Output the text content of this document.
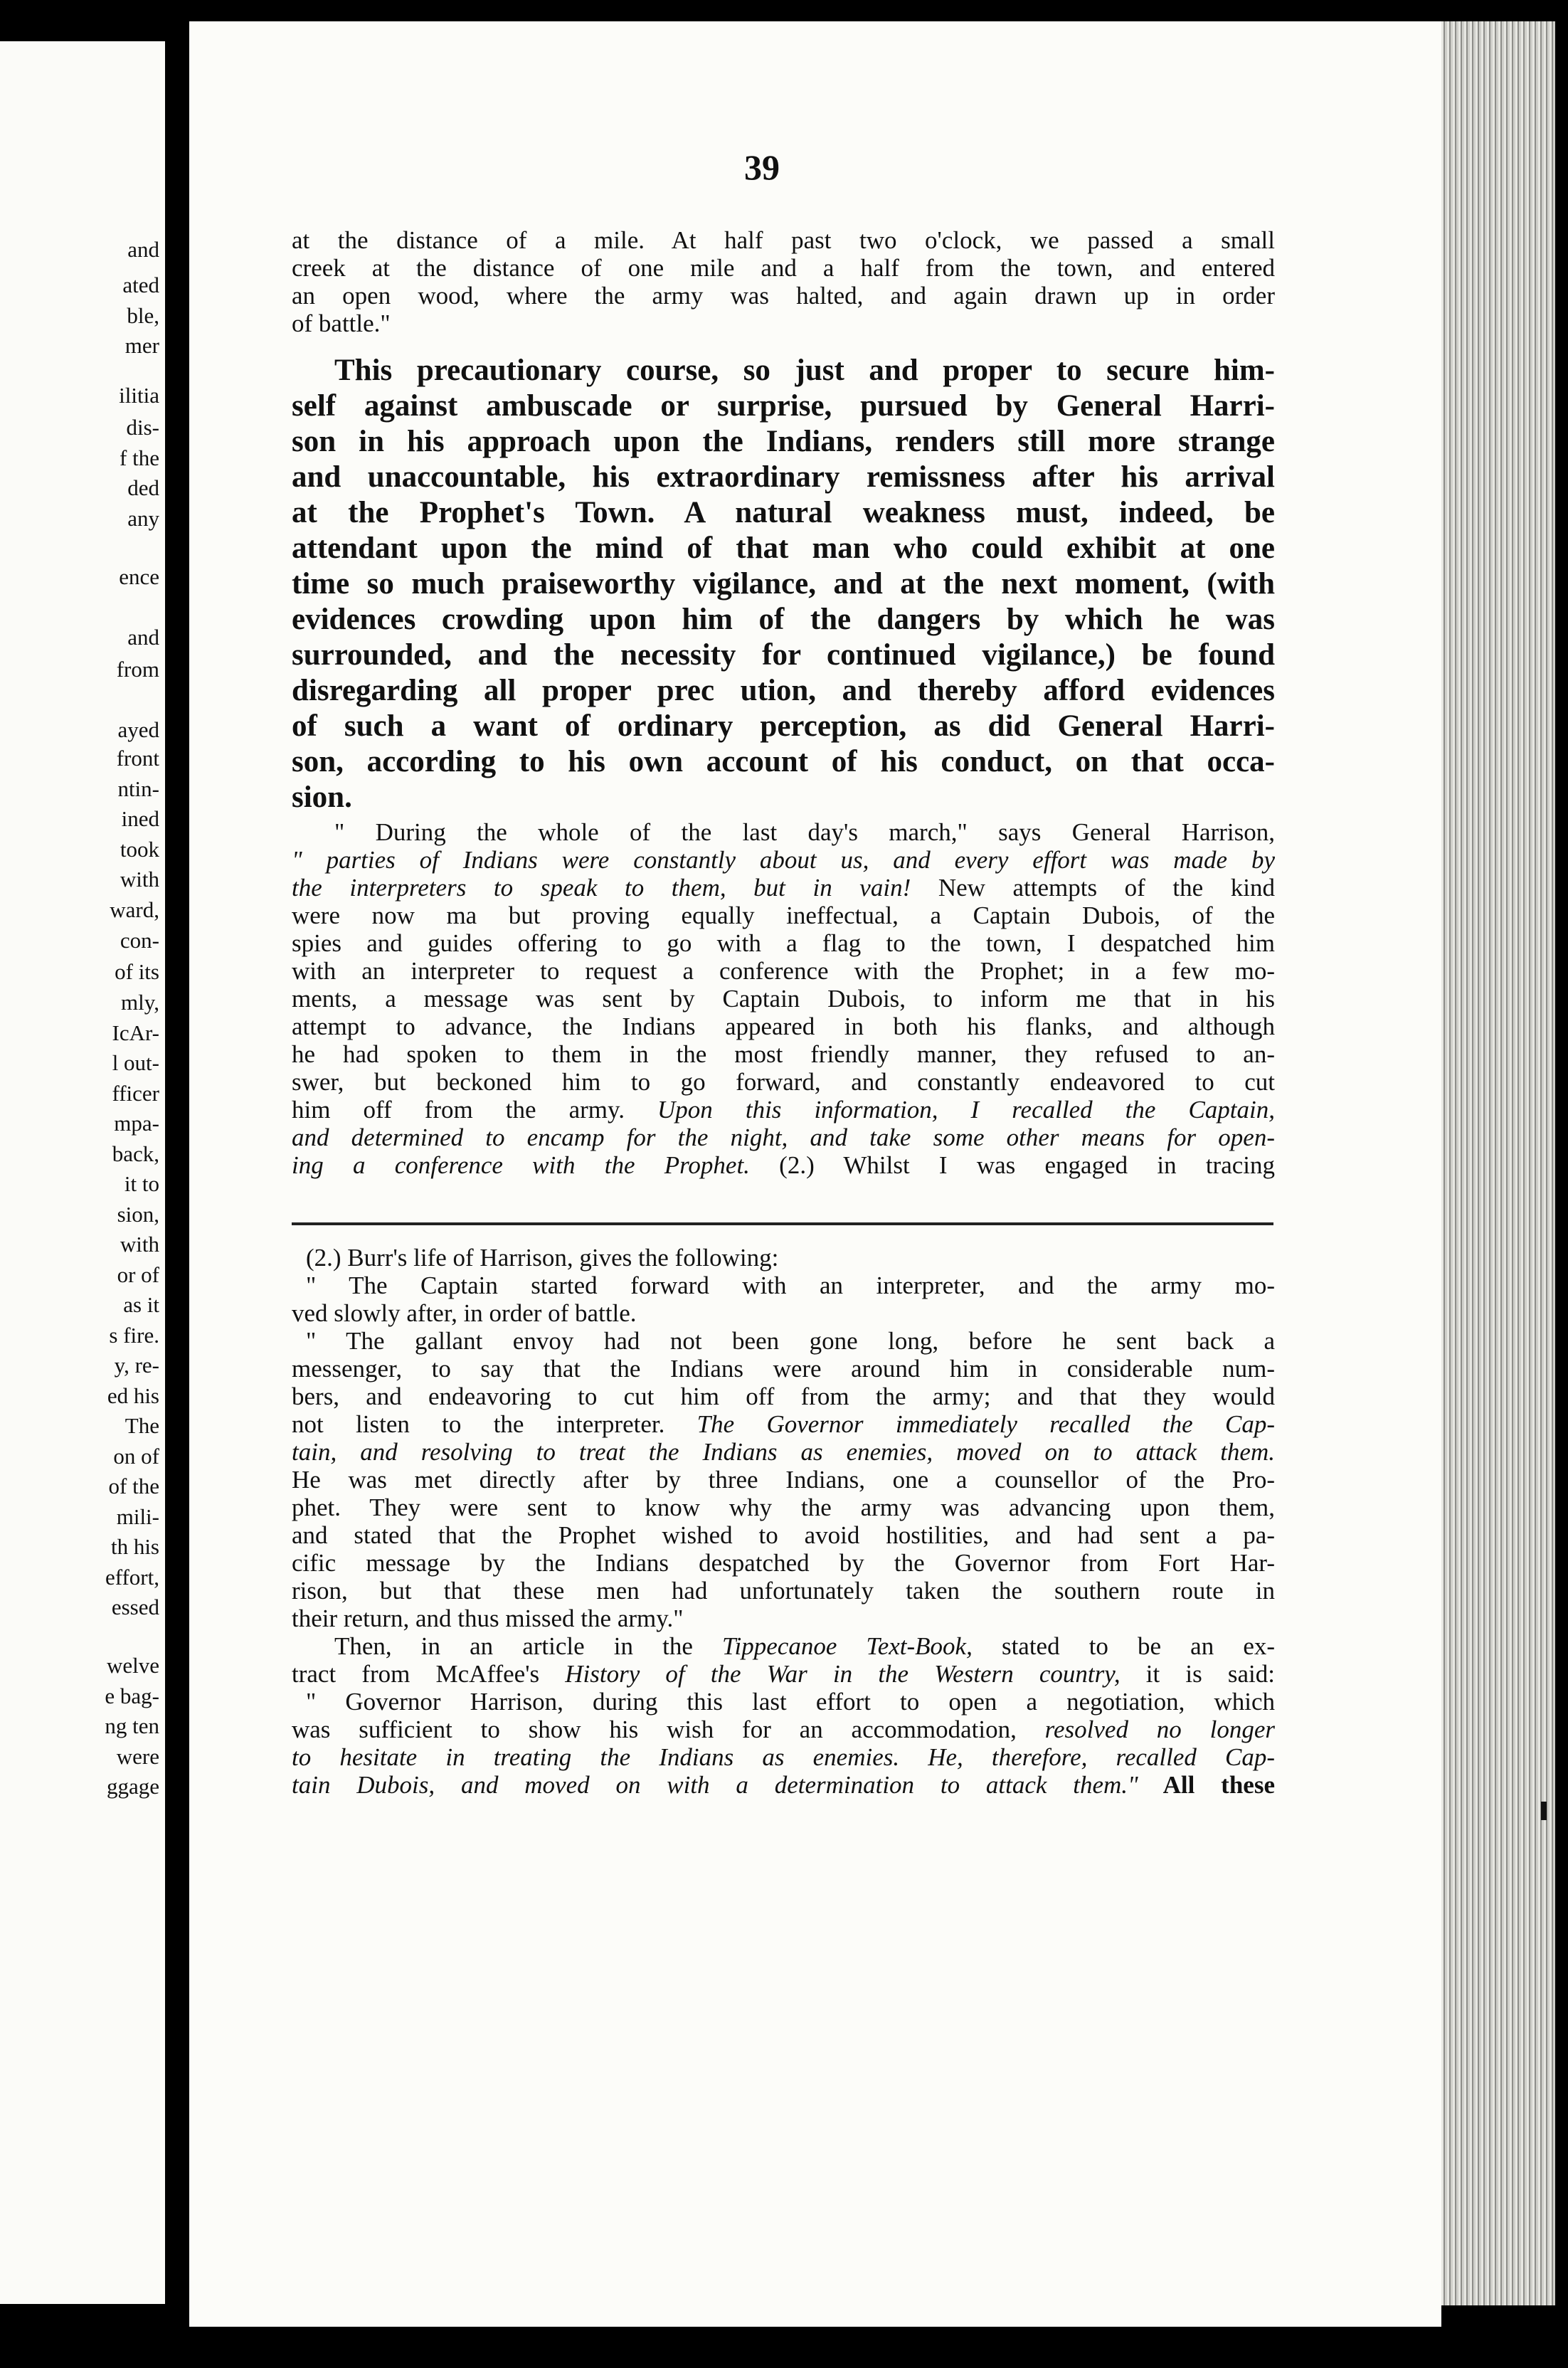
and
ated
ble,
mer
ilitia
dis-
f the
ded
any
ence
and
from
ayed
front
ntin-
ined
took
with
ward,
con-
of its
mly,
IcAr-
l out-
fficer
mpa-
back,
it to
sion,
with
or of
as it
s fire.
y, re-
ed his
The
on of
of the
mili-
th his
effort,
essed
welve
e bag-
ng ten
were
ggage
39
at the distance of a mile. At half past two o'clock, we passed a small
creek at the distance of one mile and a half from the town, and entered
an open wood, where the army was halted, and again drawn up in order
of battle."
This precautionary course, so just and proper to secure him-
self against ambuscade or surprise, pursued by General Harri-
son in his approach upon the Indians, renders still more strange
and unaccountable, his extraordinary remissness after his arrival
at the Prophet's Town. A natural weakness must, indeed, be
attendant upon the mind of that man who could exhibit at one
time so much praiseworthy vigilance, and at the next moment, (with
evidences crowding upon him of the dangers by which he was
surrounded, and the necessity for continued vigilance,) be found
disregarding all proper prec ution, and thereby afford evidences
of such a want of ordinary perception, as did General Harri-
son, according to his own account of his conduct, on that occa-
sion.
" During the whole of the last day's march," says General Harrison,
" parties of Indians were constantly about us, and every effort was made by
the interpreters to speak to them, but in vain! New attempts of the kind
were now ma but proving equally ineffectual, a Captain Dubois, of the
spies and guides offering to go with a flag to the town, I despatched him
with an interpreter to request a conference with the Prophet; in a few mo-
ments, a message was sent by Captain Dubois, to inform me that in his
attempt to advance, the Indians appeared in both his flanks, and although
he had spoken to them in the most friendly manner, they refused to an-
swer, but beckoned him to go forward, and constantly endeavored to cut
him off from the army. Upon this information, I recalled the Captain,
and determined to encamp for the night, and take some other means for open-
ing a conference with the Prophet. (2.) Whilst I was engaged in tracing
(2.) Burr's life of Harrison, gives the following:
" The Captain started forward with an interpreter, and the army mo-
ved slowly after, in order of battle.
" The gallant envoy had not been gone long, before he sent back a
messenger, to say that the Indians were around him in considerable num-
bers, and endeavoring to cut him off from the army; and that they would
not listen to the interpreter. The Governor immediately recalled the Cap-
tain, and resolving to treat the Indians as enemies, moved on to attack them.
He was met directly after by three Indians, one a counsellor of the Pro-
phet. They were sent to know why the army was advancing upon them,
and stated that the Prophet wished to avoid hostilities, and had sent a pa-
cific message by the Indians despatched by the Governor from Fort Har-
rison, but that these men had unfortunately taken the southern route in
their return, and thus missed the army."
Then, in an article in the Tippecanoe Text-Book, stated to be an ex-
tract from McAffee's History of the War in the Western country, it is said:
" Governor Harrison, during this last effort to open a negotiation, which
was sufficient to show his wish for an accommodation, resolved no longer
to hesitate in treating the Indians as enemies. He, therefore, recalled Cap-
tain Dubois, and moved on with a determination to attack them." All these
